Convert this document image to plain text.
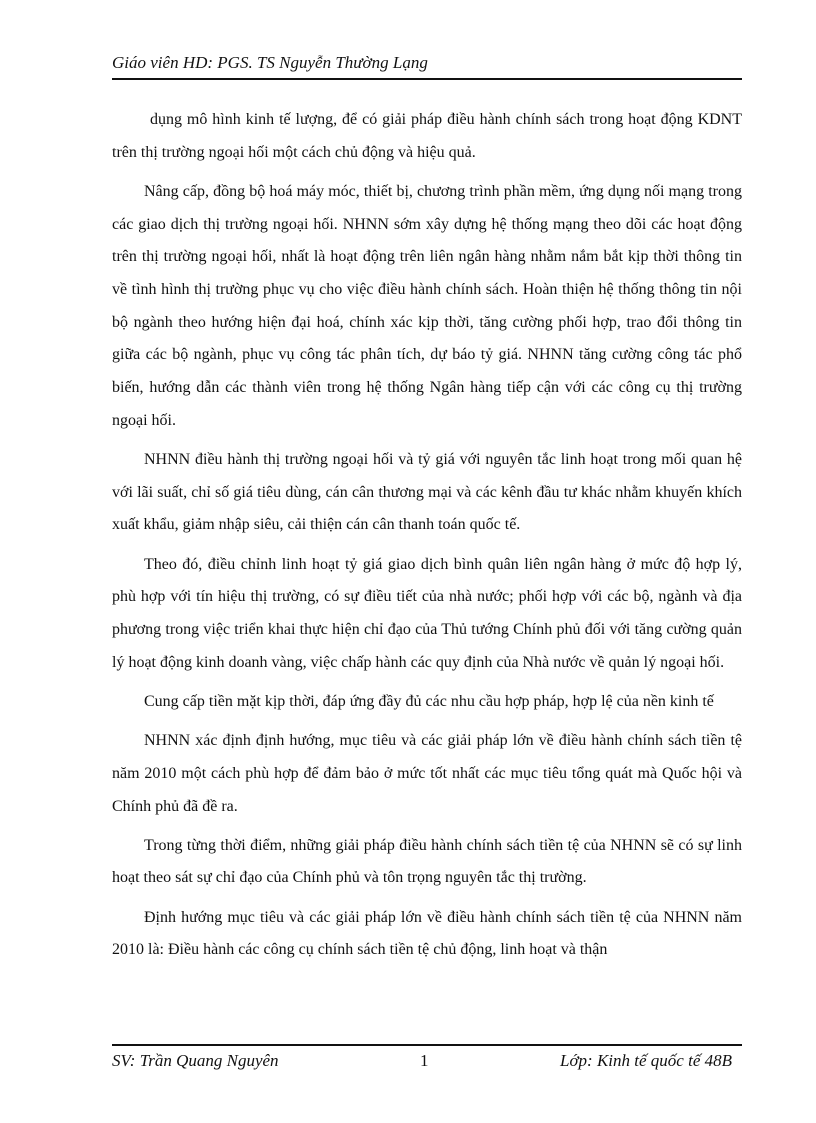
Giáo viên HD: PGS. TS Nguyễn Thường Lạng

dụng mô hình kinh tế lượng, để có giải pháp điều hành chính sách trong hoạt động KDNT trên thị trường ngoại hối một cách chủ động và hiệu quả.

Nâng cấp, đồng bộ hoá máy móc, thiết bị, chương trình phần mềm, ứng dụng nối mạng trong các giao dịch thị trường ngoại hối. NHNN sớm xây dựng hệ thống mạng theo dõi các hoạt động trên thị trường ngoại hối, nhất là hoạt động trên liên ngân hàng nhằm nắm bắt kịp thời thông tin về tình hình thị trường phục vụ cho việc điều hành chính sách. Hoàn thiện hệ thống thông tin nội bộ ngành theo hướng hiện đại hoá, chính xác kịp thời, tăng cường phối hợp, trao đổi thông tin giữa các bộ ngành, phục vụ công tác phân tích, dự báo tỷ giá. NHNN tăng cường công tác phổ biến, hướng dẫn các thành viên trong hệ thống Ngân hàng tiếp cận với các công cụ thị trường ngoại hối.

NHNN điều hành thị trường ngoại hối và tỷ giá với nguyên tắc linh hoạt trong mối quan hệ với lãi suất, chỉ số giá tiêu dùng, cán cân thương mại và các kênh đầu tư khác nhằm khuyến khích xuất khẩu, giảm nhập siêu, cải thiện cán cân thanh toán quốc tế.

Theo đó, điều chỉnh linh hoạt tỷ giá giao dịch bình quân liên ngân hàng ở mức độ hợp lý, phù hợp với tín hiệu thị trường, có sự điều tiết của nhà nước; phối hợp với các bộ, ngành và địa phương trong việc triển khai thực hiện chỉ đạo của Thủ tướng Chính phủ đối với tăng cường quản lý hoạt động kinh doanh vàng, việc chấp hành các quy định của Nhà nước về quản lý ngoại hối.

Cung cấp tiền mặt kịp thời, đáp ứng đầy đủ các nhu cầu hợp pháp, hợp lệ của nền kinh tế

NHNN xác định định hướng, mục tiêu và các giải pháp lớn về điều hành chính sách tiền tệ năm 2010 một cách phù hợp để đảm bảo ở mức tốt nhất các mục tiêu tổng quát mà Quốc hội và Chính phủ đã đề ra.

Trong từng thời điểm, những giải pháp điều hành chính sách tiền tệ của NHNN sẽ có sự linh hoạt theo sát sự chỉ đạo của Chính phủ và tôn trọng nguyên tắc thị trường.

Định hướng mục tiêu và các giải pháp lớn về điều hành chính sách tiền tệ của NHNN năm 2010 là: Điều hành các công cụ chính sách tiền tệ chủ động, linh hoạt và thận

SV: Trần Quang Nguyên	1	Lớp: Kinh tế quốc tế 48B
